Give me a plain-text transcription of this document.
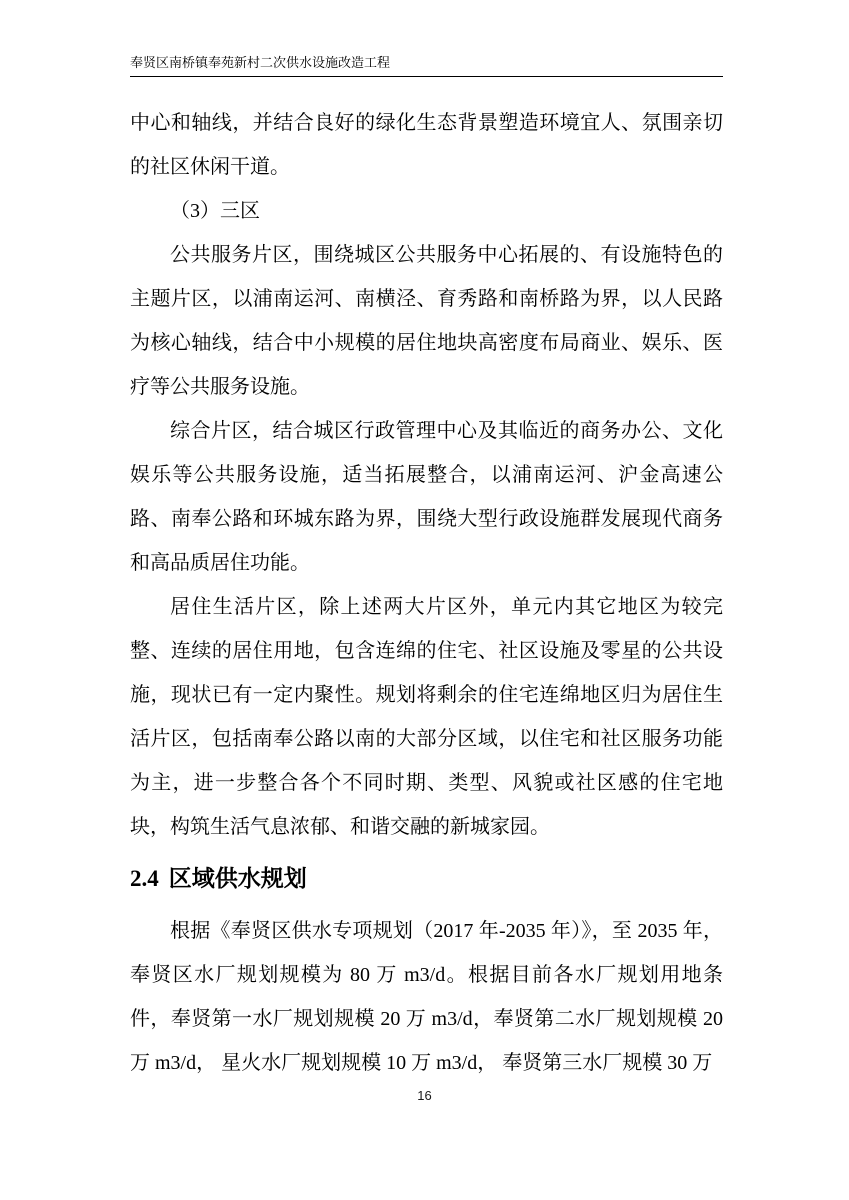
奉贤区南桥镇奉苑新村二次供水设施改造工程

中心和轴线，并结合良好的绿化生态背景塑造环境宜人、氛围亲切的社区休闲干道。

（3）三区

公共服务片区，围绕城区公共服务中心拓展的、有设施特色的主题片区，以浦南运河、南横泾、育秀路和南桥路为界，以人民路为核心轴线，结合中小规模的居住地块高密度布局商业、娱乐、医疗等公共服务设施。

综合片区，结合城区行政管理中心及其临近的商务办公、文化娱乐等公共服务设施，适当拓展整合，以浦南运河、沪金高速公路、南奉公路和环城东路为界，围绕大型行政设施群发展现代商务和高品质居住功能。

居住生活片区，除上述两大片区外，单元内其它地区为较完整、连续的居住用地，包含连绵的住宅、社区设施及零星的公共设施，现状已有一定内聚性。规划将剩余的住宅连绵地区归为居住生活片区，包括南奉公路以南的大部分区域，以住宅和社区服务功能为主，进一步整合各个不同时期、类型、风貌或社区感的住宅地块，构筑生活气息浓郁、和谐交融的新城家园。

2.4 区域供水规划

根据《奉贤区供水专项规划（2017 年-2035 年）》，至 2035 年，奉贤区水厂规划规模为 80 万 m3/d。根据目前各水厂规划用地条件，奉贤第一水厂规划规模 20 万 m3/d，奉贤第二水厂规划规模 20 万 m3/d， 星火水厂规划规模 10 万 m3/d， 奉贤第三水厂规模 30 万

16
